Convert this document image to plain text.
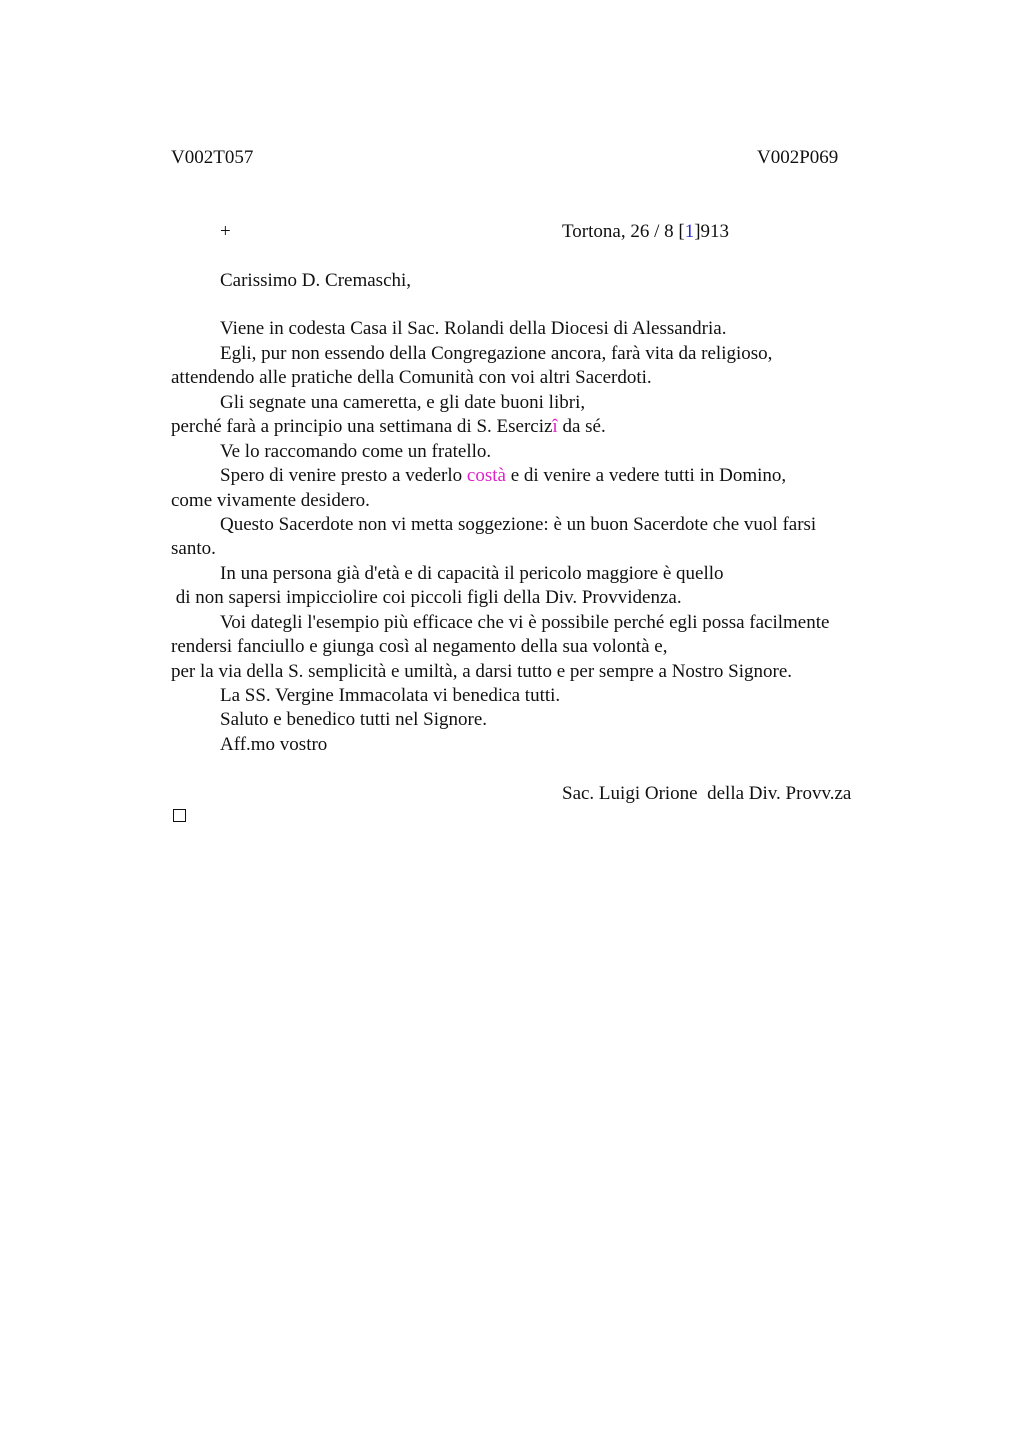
V002T057	V002P069
+	Tortona, 26 / 8 [1]913
Carissimo D. Cremaschi,
Viene in codesta Casa il Sac. Rolandi della Diocesi di Alessandria.
Egli, pur non essendo della Congregazione ancora, farà vita da religioso,
attendendo alle pratiche della Comunità con voi altri Sacerdoti.
Gli segnate una cameretta, e gli date buoni libri,
perché farà a principio una settimana di S. Esercizî da sé.
Ve lo raccomando come un fratello.
Spero di venire presto a vederlo costà e di venire a vedere tutti in Domino,
come vivamente desidero.
Questo Sacerdote non vi metta soggezione: è un buon Sacerdote che vuol farsi
santo.
In una persona già d'età e di capacità il pericolo maggiore è quello
di non sapersi impicciolire coi piccoli figli della Div. Provvidenza.
Voi dategli l'esempio più efficace che vi è possibile perché egli possa facilmente
rendersi fanciullo e giunga così al negamento della sua volontà e,
per la via della S. semplicità e umiltà, a darsi tutto e per sempre a Nostro Signore.
La SS. Vergine Immacolata vi benedica tutti.
Saluto e benedico tutti nel Signore.
Aff.mo vostro
Sac. Luigi Orione  della Div. Provv.za
